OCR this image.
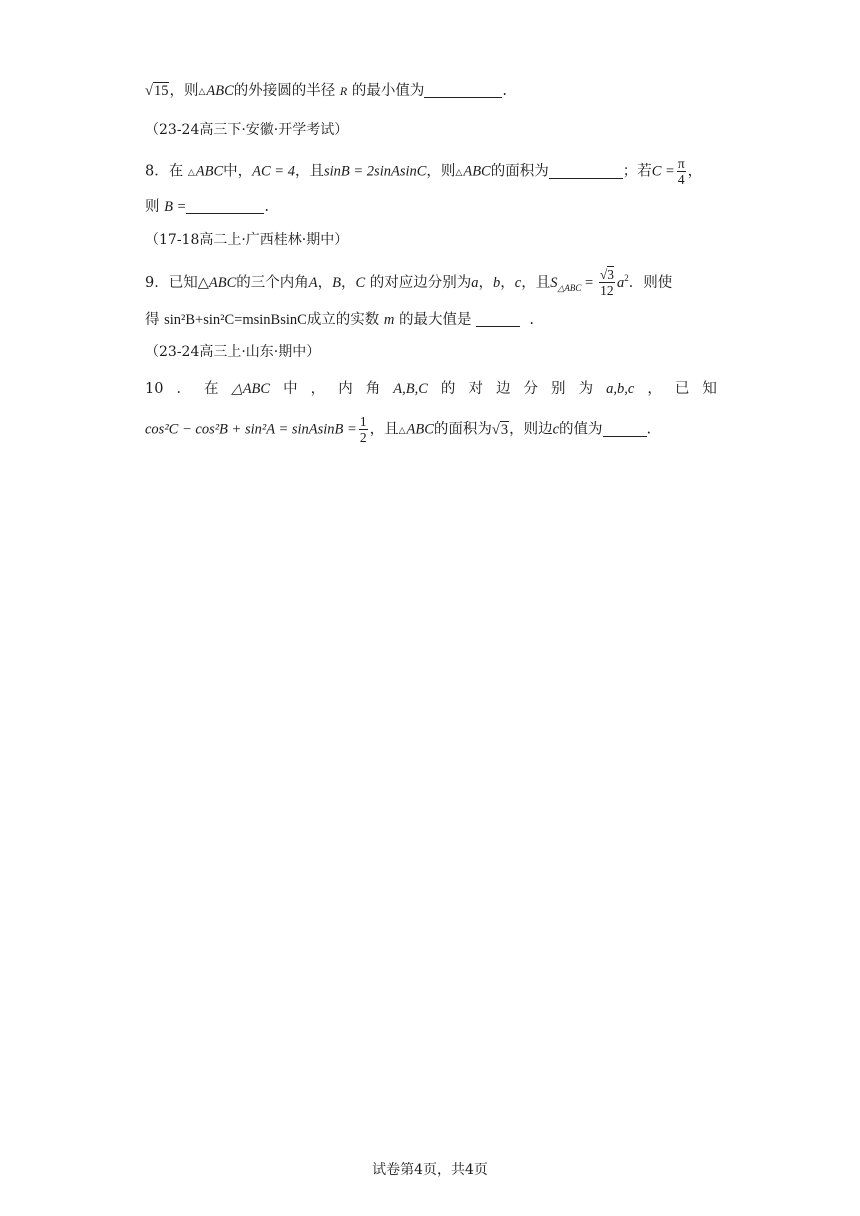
√15，则△ABC的外接圆的半径 R 的最小值为	.
（23-24高三下·安徽·开学考试）
8．在 △ABC中，AC = 4，且sinB = 2sinAsinC，则△ABC的面积为	；若$C = \frac{\pi}{4}$ ，
则 B =	.
（17-18高二上·广西桂林·期中）
9．已知△ABC的三个内角A，B，C 的对应边分别为a，b，c，且$S_{\triangle ABC} = \frac{√3}{12} a^2$．则使
得 sin²B+sin²C=msinBsinC成立的实数 m 的最大值是	.
（23-24高三上·山东·期中）
10 ． 在 △ABC 中 ， 内 角 A,B,C 的 对 边 分 别 为 a,b,c ， 已 知
cos²C − cos²B + sin²A = sinAsinB = $\frac{1}{2}$ ，且△ABC的面积为√3，则边c的值为	.
试卷第4页，共4页
